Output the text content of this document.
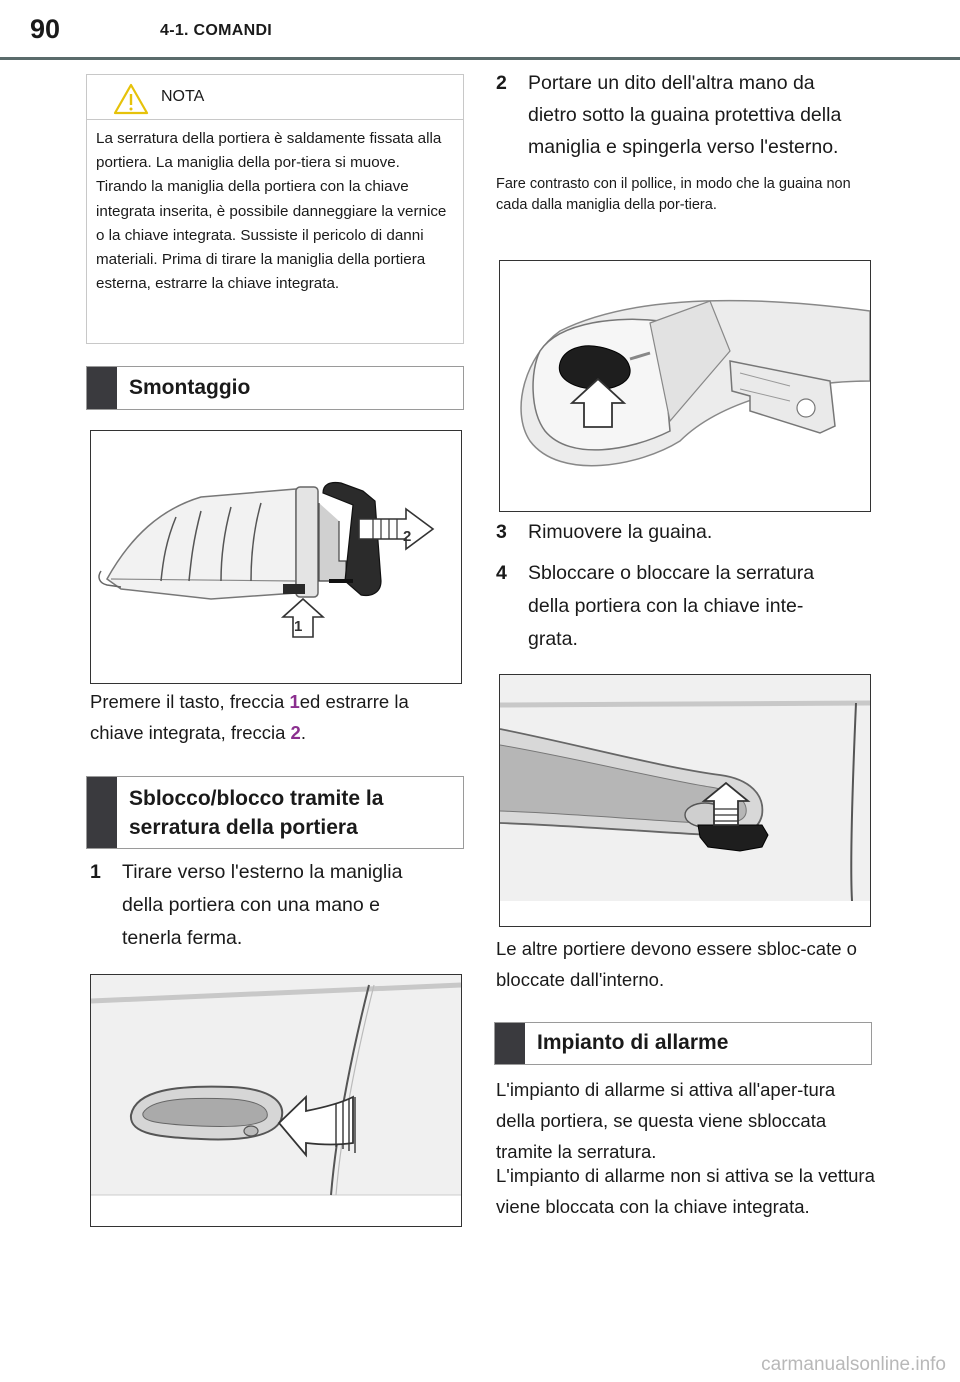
90	4-1. COMANDI
NOTA
La serratura della portiera è saldamente fissata alla portiera. La maniglia della por-tiera si muove. Tirando la maniglia della portiera con la chiave integrata inserita, è possibile danneggiare la vernice o la chiave integrata. Sussiste il pericolo di danni materiali. Prima di tirare la maniglia della portiera esterna, estrarre la chiave integrata.
Smontaggio
2
1
Premere il tasto, freccia 1ed estrarre la chiave integrata, freccia 2.
Sblocco/blocco tramite la
serratura della portiera
1 Tirare verso l'esterno la maniglia
della portiera con una mano e
tenerla ferma.
2 Portare un dito dell'altra mano da
dietro sotto la guaina protettiva della
maniglia e spingerla verso l'esterno.
Fare contrasto con il pollice, in modo che la guaina non cada dalla maniglia della por-tiera.
3 Rimuovere la guaina.
4 Sbloccare o bloccare la serratura
della portiera con la chiave inte-
grata.
Le altre portiere devono essere sbloc-cate o bloccate dall'interno.
Impianto di allarme
L'impianto di allarme si attiva all'aper-tura della portiera, se questa viene sbloccata tramite la serratura.
L'impianto di allarme non si attiva se la vettura viene bloccata con la chiave integrata.
carmanualsonline.info
